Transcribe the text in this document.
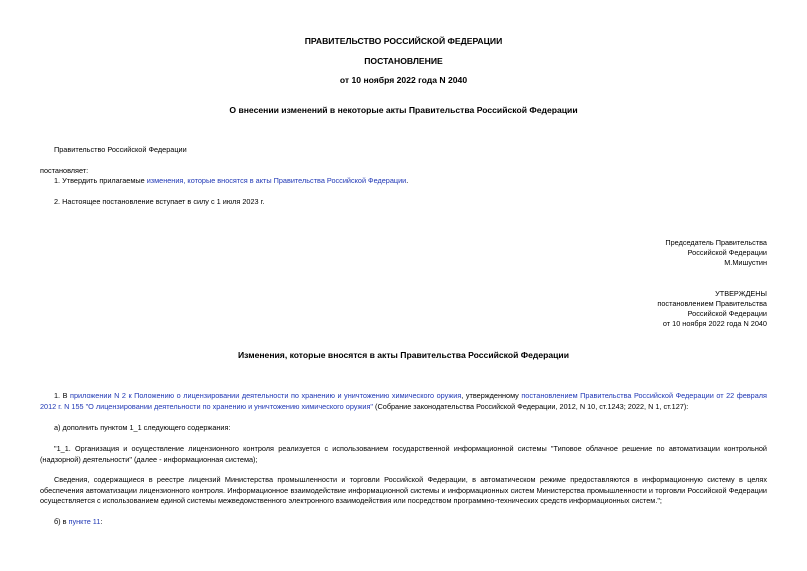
ПРАВИТЕЛЬСТВО РОССИЙСКОЙ ФЕДЕРАЦИИ
ПОСТАНОВЛЕНИЕ
от 10 ноября 2022 года N 2040
О внесении изменений в некоторые акты Правительства Российской Федерации
Правительство Российской Федерации
постановляет:
1. Утвердить прилагаемые изменения, которые вносятся в акты Правительства Российской Федерации.
2. Настоящее постановление вступает в силу с 1 июля 2023 г.
Председатель Правительства
Российской Федерации
М.Мишустин
УТВЕРЖДЕНЫ
постановлением Правительства
Российской Федерации
от 10 ноября 2022 года N 2040
Изменения, которые вносятся в акты Правительства Российской Федерации
1. В приложении N 2 к Положению о лицензировании деятельности по хранению и уничтожению химического оружия, утвержденному постановлением Правительства Российской Федерации от 22 февраля 2012 г. N 155 "О лицензировании деятельности по хранению и уничтожению химического оружия" (Собрание законодательства Российской Федерации, 2012, N 10, ст.1243; 2022, N 1, ст.127):
а) дополнить пунктом 1_1 следующего содержания:
"1_1. Организация и осуществление лицензионного контроля реализуется с использованием государственной информационной системы "Типовое облачное решение по автоматизации контрольной (надзорной) деятельности" (далее - информационная система);
Сведения, содержащиеся в реестре лицензий Министерства промышленности и торговли Российской Федерации, в автоматическом режиме предоставляются в информационную систему в целях обеспечения автоматизации лицензионного контроля. Информационное взаимодействие информационной системы и информационных систем Министерства промышленности и торговли Российской Федерации осуществляется с использованием единой системы межведомственного электронного взаимодействия или посредством программно-технических средств информационных систем.";
б) в пункте 11:
